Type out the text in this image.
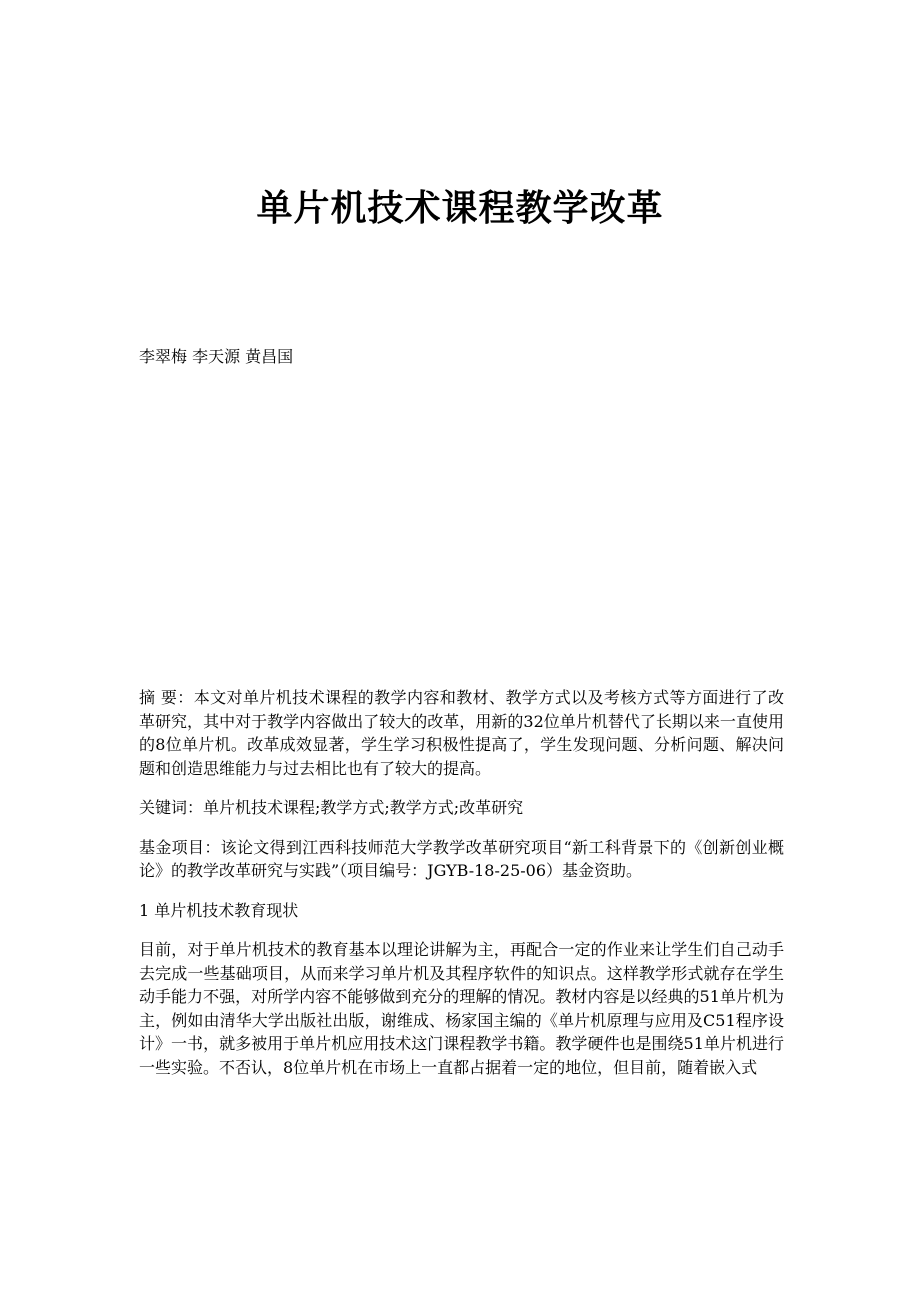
单片机技术课程教学改革
李翠梅 李天源 黄昌国

摘 要：本文对单片机技术课程的教学内容和教材、教学方式以及考核方式等方面进行了改革研究，其中对于教学内容做出了较大的改革，用新的32位单片机替代了长期以来一直使用的8位单片机。改革成效显著，学生学习积极性提高了，学生发现问题、分析问题、解决问题和创造思维能力与过去相比也有了较大的提高。

关键词：单片机技术课程;教学方式;教学方式;改革研究

基金项目：该论文得到江西科技师范大学教学改革研究项目“新工科背景下的《创新创业概论》的教学改革研究与实践”（项目编号：JGYB-18-25-06）基金资助。

1 单片机技术教育现状

目前，对于单片机技术的教育基本以理论讲解为主，再配合一定的作业来让学生们自己动手去完成一些基础项目，从而来学习单片机及其程序软件的知识点。这样教学形式就存在学生动手能力不强，对所学内容不能够做到充分的理解的情况。教材内容是以经典的51单片机为主，例如由清华大学出版社出版，谢维成、杨家国主编的《单片机原理与应用及C51程序设计》一书，就多被用于单片机应用技术这门课程教学书籍。教学硬件也是围绕51单片机进行一些实验。不否认，8位单片机在市场上一直都占据着一定的地位，但目前，随着嵌入式
